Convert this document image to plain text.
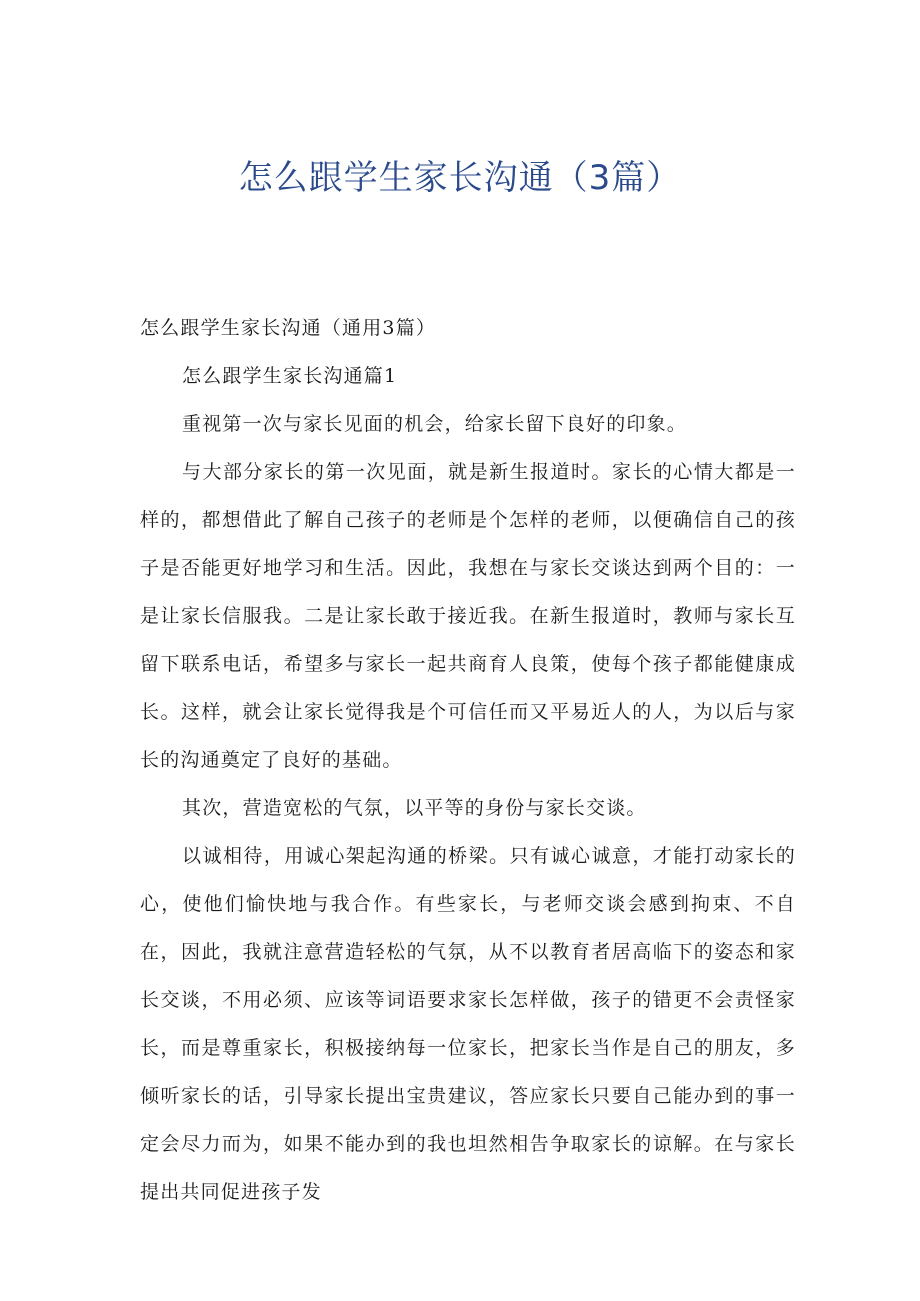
怎么跟学生家长沟通（3篇）

怎么跟学生家长沟通（通用3篇）

怎么跟学生家长沟通篇1

重视第一次与家长见面的机会，给家长留下良好的印象。

与大部分家长的第一次见面，就是新生报道时。家长的心情大都是一样的，都想借此了解自己孩子的老师是个怎样的老师，以便确信自己的孩子是否能更好地学习和生活。因此，我想在与家长交谈达到两个目的：一是让家长信服我。二是让家长敢于接近我。在新生报道时，教师与家长互留下联系电话，希望多与家长一起共商育人良策，使每个孩子都能健康成长。这样，就会让家长觉得我是个可信任而又平易近人的人，为以后与家长的沟通奠定了良好的基础。

其次，营造宽松的气氛，以平等的身份与家长交谈。

以诚相待，用诚心架起沟通的桥梁。只有诚心诚意，才能打动家长的心，使他们愉快地与我合作。有些家长，与老师交谈会感到拘束、不自在，因此，我就注意营造轻松的气氛，从不以教育者居高临下的姿态和家长交谈，不用必须、应该等词语要求家长怎样做，孩子的错更不会责怪家长，而是尊重家长，积极接纳每一位家长，把家长当作是自己的朋友，多倾听家长的话，引导家长提出宝贵建议，答应家长只要自己能办到的事一定会尽力而为，如果不能办到的我也坦然相告争取家长的谅解。在与家长提出共同促进孩子发
